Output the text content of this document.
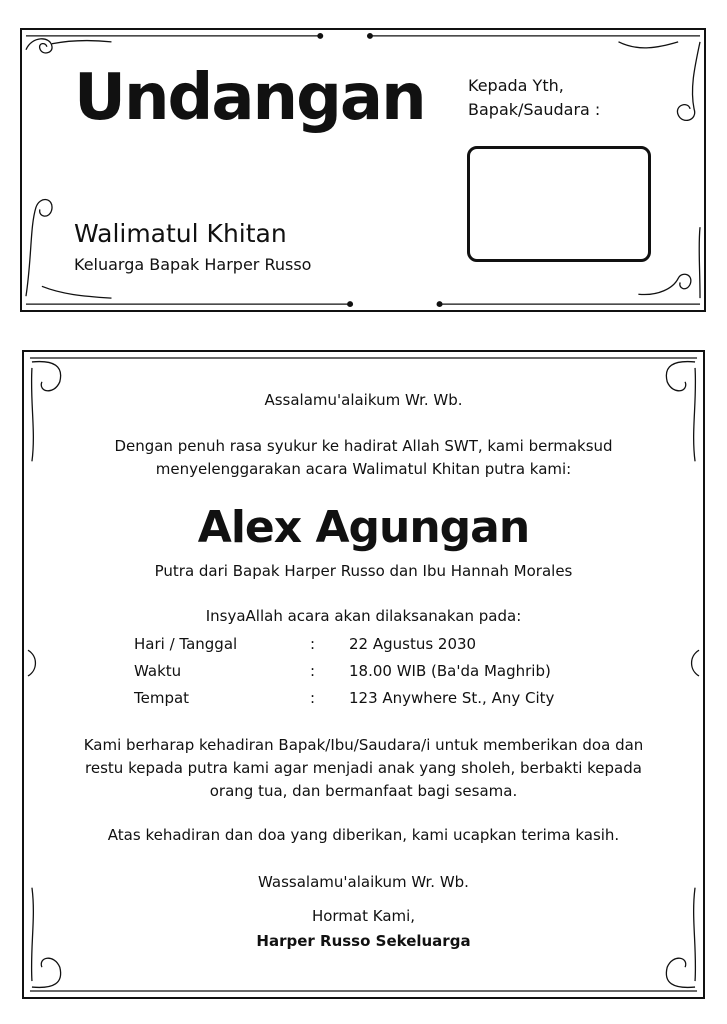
Undangan
Walimatul Khitan
Keluarga Bapak Harper Russo
Kepada Yth,
Bapak/Saudara :
Assalamu'alaikum Wr. Wb.
Dengan penuh rasa syukur ke hadirat Allah SWT, kami bermaksud
menyelenggarakan acara Walimatul Khitan putra kami:
Alex Agungan
Putra dari Bapak Harper Russo dan Ibu Hannah Morales
InsyaAllah acara akan dilaksanakan pada:
Hari / Tanggal	: 22 Agustus 2030
Waktu	: 18.00 WIB (Ba'da Maghrib)
Tempat	: 123 Anywhere St., Any City
Kami berharap kehadiran Bapak/Ibu/Saudara/i untuk memberikan doa dan
restu kepada putra kami agar menjadi anak yang sholeh, berbakti kepada
orang tua, dan bermanfaat bagi sesama.
Atas kehadiran dan doa yang diberikan, kami ucapkan terima kasih.
Wassalamu'alaikum Wr. Wb.
Hormat Kami,
Harper Russo Sekeluarga
